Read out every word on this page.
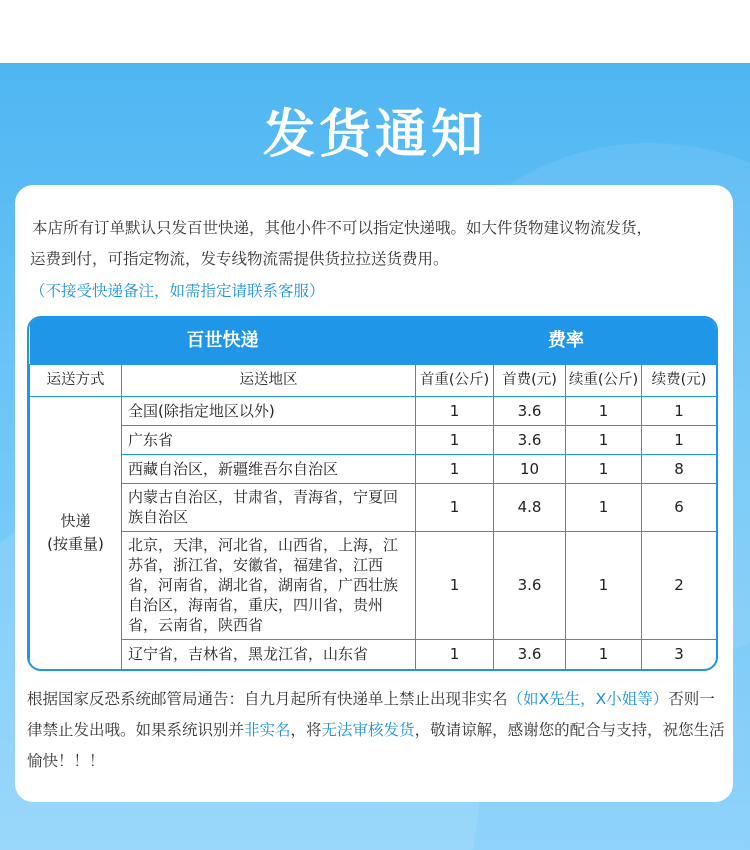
发货通知
本店所有订单默认只发百世快递，其他小件不可以指定快递哦。如大件货物建议物流发货，
运费到付，可指定物流，发专线物流需提供货拉拉送货费用。
（不接受快递备注，如需指定请联系客服）
百世快递		费率			
运送方式	运送地区	首重(公斤)	首费(元)	续重(公斤)	续费(元)
快递
(按重量)	全国(除指定地区以外)	1	3.6	1	1
	广东省	1	3.6	1	1
	西藏自治区，新疆维吾尔自治区	1	10	1	8
	内蒙古自治区，甘肃省，青海省，宁夏回族自治区	1	4.8	1	6
	北京，天津，河北省，山西省，上海，江苏省，浙江省，安徽省，福建省，江西省，河南省，湖北省，湖南省，广西壮族自治区，海南省，重庆，四川省，贵州省，云南省，陕西省	1	3.6	1	2
	辽宁省，吉林省，黑龙江省，山东省	1	3.6	1	3
根据国家反恐系统邮管局通告：自九月起所有快递单上禁止出现非实名（如X先生，X小姐等）否则一律禁止发出哦。如果系统识别并非实名，将无法审核发货，敬请谅解，感谢您的配合与支持，祝您生活愉快！！！
